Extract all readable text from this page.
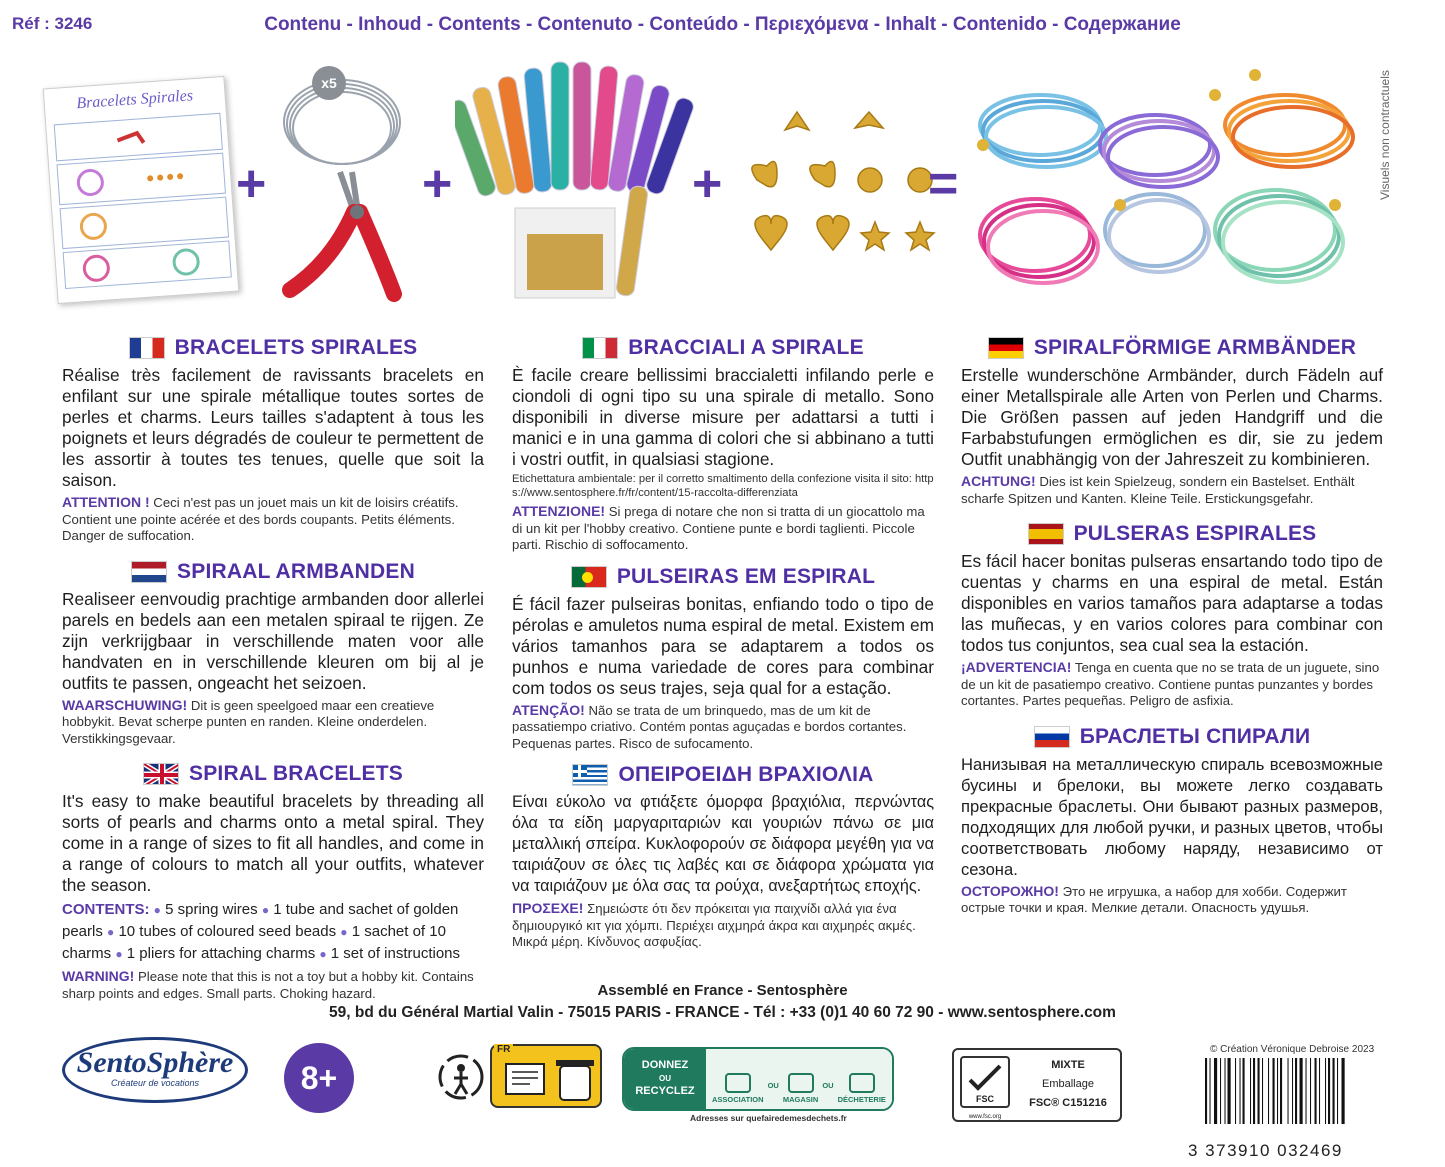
Réf : 3246	Contenu - Inhoud - Contents - Contenuto - Conteúdo - Περιεχόμενα - Inhalt - Contenido - Содержание
Visuels non contractuels
Bracelets Spirales
+
x5
+	+	=
BRACELETS SPIRALES
Réalise très facilement de ravissants bracelets en enfilant sur une spirale métallique toutes sortes de perles et charms. Leurs tailles s'adaptent à tous les poignets et leurs dégradés de couleur te permettent de les assortir à toutes tes tenues, quelle que soit la saison.
ATTENTION ! Ceci n'est pas un jouet mais un kit de loisirs créatifs. Contient une pointe acérée et des bords coupants. Petits éléments. Danger de suffocation.
SPIRAAL ARMBANDEN
Realiseer eenvoudig prachtige armbanden door allerlei parels en bedels aan een metalen spiraal te rijgen. Ze zijn verkrijgbaar in verschillende maten voor alle handvaten en in verschillende kleuren om bij al je outfits te passen, ongeacht het seizoen.
WAARSCHUWING! Dit is geen speelgoed maar een creatieve hobbykit. Bevat scherpe punten en randen. Kleine onderdelen. Verstikkingsgevaar.
SPIRAL BRACELETS
It's easy to make beautiful bracelets by threading all sorts of pearls and charms onto a metal spiral. They come in a range of sizes to fit all handles, and come in a range of colours to match all your outfits, whatever the season.
CONTENTS: ● 5 spring wires ● 1 tube and sachet of golden pearls ● 10 tubes of coloured seed beads ● 1 sachet of 10 charms ● 1 pliers for attaching charms ● 1 set of instructions
WARNING! Please note that this is not a toy but a hobby kit. Contains sharp points and edges. Small parts. Choking hazard.
BRACCIALI A SPIRALE
È facile creare bellissimi braccialetti infilando perle e ciondoli di ogni tipo su una spirale di metallo. Sono disponibili in diverse misure per adattarsi a tutti i manici e in una gamma di colori che si abbinano a tutti i vostri outfit, in qualsiasi stagione.
Etichettatura ambientale: per il corretto smaltimento della confezione visita il sito: https://www.sentosphere.fr/fr/content/15-raccolta-differenziata
ATTENZIONE! Si prega di notare che non si tratta di un giocattolo ma di un kit per l'hobby creativo. Contiene punte e bordi taglienti. Piccole parti. Rischio di soffocamento.
PULSEIRAS EM ESPIRAL
É fácil fazer pulseiras bonitas, enfiando todo o tipo de pérolas e amuletos numa espiral de metal. Existem em vários tamanhos para se adaptarem a todos os punhos e numa variedade de cores para combinar com todos os seus trajes, seja qual for a estação.
ATENÇÃO! Não se trata de um brinquedo, mas de um kit de passatiempo criativo. Contém pontas aguçadas e bordos cortantes. Pequenas partes. Risco de sufocamento.
ΟΠΕΙΡΟΕΙΔΗ ΒΡΑΧΙΟΛΙΑ
Είναι εύκολο να φτιάξετε όμορφα βραχιόλια, περνώντας όλα τα είδη μαργαριταριών και γουριών πάνω σε μια μεταλλική σπείρα. Κυκλοφορούν σε διάφορα μεγέθη για να ταιριάζουν σε όλες τις λαβές και σε διάφορα χρώματα για να ταιριάζουν με όλα σας τα ρούχα, ανεξαρτήτως εποχής.
ΠΡΟΣΕΧΕ! Σημειώστε ότι δεν πρόκειται για παιχνίδι αλλά για ένα δημιουργικό κιτ για χόμπι. Περιέχει αιχμηρά άκρα και αιχμηρές ακμές. Μικρά μέρη. Κίνδυνος ασφυξίας.
SPIRALFÖRMIGE ARMBÄNDER
Erstelle wunderschöne Armbänder, durch Fädeln auf einer Metallspirale alle Arten von Perlen und Charms. Die Größen passen auf jeden Handgriff und die Farbabstufungen ermöglichen es dir, sie zu jedem Outfit unabhängig von der Jahreszeit zu kombinieren.
ACHTUNG! Dies ist kein Spielzeug, sondern ein Bastelset. Enthält scharfe Spitzen und Kanten. Kleine Teile. Erstickungsgefahr.
PULSERAS ESPIRALES
Es fácil hacer bonitas pulseras ensartando todo tipo de cuentas y charms en una espiral de metal. Están disponibles en varios tamaños para adaptarse a todas las muñecas, y en varios colores para combinar con todos tus conjuntos, sea cual sea la estación.
¡ADVERTENCIA! Tenga en cuenta que no se trata de un juguete, sino de un kit de pasatiempo creativo. Contiene puntas punzantes y bordes cortantes. Partes pequeñas. Peligro de asfixia.
БРАСЛЕТЫ СПИРАЛИ
Нанизывая на металлическую спираль всевозможные бусины и брелоки, вы можете легко создавать прекрасные браслеты. Они бывают разных размеров, подходящих для любой ручки, и разных цветов, чтобы соответствовать любому наряду, независимо от сезона.
ОСТОРОЖНО! Это не игрушка, а набор для хобби. Содержит острые точки и края. Мелкие детали. Опасность удушья.
Assemblé en France - Sentosphère
59, bd du Général Martial Valin - 75015 PARIS - FRANCE - Tél : +33 (0)1 40 60 72 90 - www.sentosphere.com
SentoSphère
Créateur de vocations	8+
FR
DONNEZ
OU
RECYCLEZ
ASSOCIATION
OU
MAGASIN
OU
DÉCHETERIE
Adresses sur quefairedemesdechets.fr
FSC
www.fsc.org
MIXTE
Emballage
FSC® C151216
© Création Véronique Debroise 2023
3 373910 032469
